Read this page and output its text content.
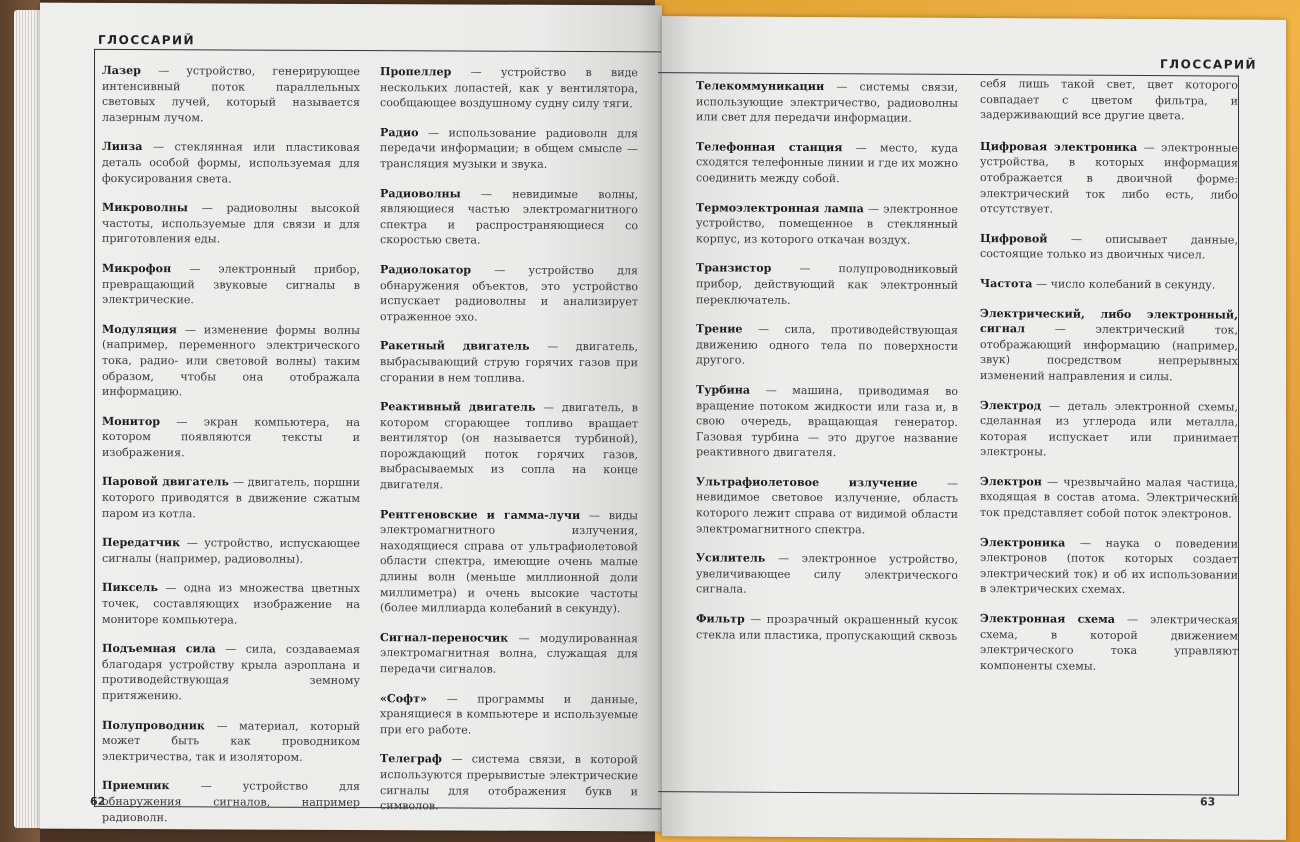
ГЛОССАРИЙ

Лазер — устройство, генерирующее интенсивный поток параллельных световых лучей, который называется лазерным лучом.

Линза — стеклянная или пластиковая деталь особой формы, используемая для фокусирования света.

Микроволны — радиоволны высокой частоты, используемые для связи и для приготовления еды.

Микрофон — электронный прибор, превращающий звуковые сигналы в электрические.

Модуляция — изменение формы волны (например, переменного электрического тока, радио- или световой волны) таким образом, чтобы она отображала информацию.

Монитор — экран компьютера, на котором появляются тексты и изображения.

Паровой двигатель — двигатель, поршни которого приводятся в движение сжатым паром из котла.

Передатчик — устройство, испускающее сигналы (например, радиоволны).

Пиксель — одна из множества цветных точек, составляющих изображение на мониторе компьютера.

Подъемная сила — сила, создаваемая благодаря устройству крыла аэроплана и противодействующая земному притяжению.

Полупроводник — материал, который может быть как проводником электричества, так и изолятором.

Приемник — устройство для обнаружения сигналов, например радиоволн.

Пропеллер — устройство в виде нескольких лопастей, как у вентилятора, сообщающее воздушному судну силу тяги.

Радио — использование радиоволн для передачи информации; в общем смысле — трансляция музыки и звука.

Радиоволны — невидимые волны, являющиеся частью электромагнитного спектра и распространяющиеся со скоростью света.

Радиолокатор — устройство для обнаружения объектов, это устройство испускает радиоволны и анализирует отраженное эхо.

Ракетный двигатель — двигатель, выбрасывающий струю горячих газов при сгорании в нем топлива.

Реактивный двигатель — двигатель, в котором сгорающее топливо вращает вентилятор (он называется турбиной), порождающий поток горячих газов, выбрасываемых из сопла на конце двигателя.

Рентгеновские и гамма-лучи — виды электромагнитного излучения, находящиеся справа от ультрафиолетовой области спектра, имеющие очень малые длины волн (меньше миллионной доли миллиметра) и очень высокие частоты (более миллиарда колебаний в секунду).

Сигнал-переносчик — модулированная электромагнитная волна, служащая для передачи сигналов.

«Софт» — программы и данные, хранящиеся в компьютере и используемые при его работе.

Телеграф — система связи, в которой используются прерывистые электрические сигналы для отображения букв и символов.

62
ГЛОССАРИЙ

Телекоммуникации — системы связи, использующие электричество, радиоволны или свет для передачи информации.

Телефонная станция — место, куда сходятся телефонные линии и где их можно соединить между собой.

Термоэлектронная лампа — электронное устройство, помещенное в стеклянный корпус, из которого откачан воздух.

Транзистор — полупроводниковый прибор, действующий как электронный переключатель.

Трение — сила, противодействующая движению одного тела по поверхности другого.

Турбина — машина, приводимая во вращение потоком жидкости или газа и, в свою очередь, вращающая генератор. Газовая турбина — это другое название реактивного двигателя.

Ультрафиолетовое излучение — невидимое световое излучение, область которого лежит справа от видимой области электромагнитного спектра.

Усилитель — электронное устройство, увеличивающее силу электрического сигнала.

Фильтр — прозрачный окрашенный кусок стекла или пластика, пропускающий сквозь

себя лишь такой свет, цвет которого совпадает с цветом фильтра, и задерживающий все другие цвета.

Цифровая электроника — электронные устройства, в которых информация отображается в двоичной форме: электрический ток либо есть, либо отсутствует.

Цифровой — описывает данные, состоящие только из двоичных чисел.

Частота — число колебаний в секунду.

Электрический, либо электронный, сигнал — электрический ток, отображающий информацию (например, звук) посредством непрерывных изменений направления и силы.

Электрод — деталь электронной схемы, сделанная из углерода или металла, которая испускает или принимает электроны.

Электрон — чрезвычайно малая частица, входящая в состав атома. Электрический ток представляет собой поток электронов.

Электроника — наука о поведении электронов (поток которых создает электрический ток) и об их использовании в электрических схемах.

Электронная схема — электрическая схема, в которой движением электрического тока управляют компоненты схемы.

63
